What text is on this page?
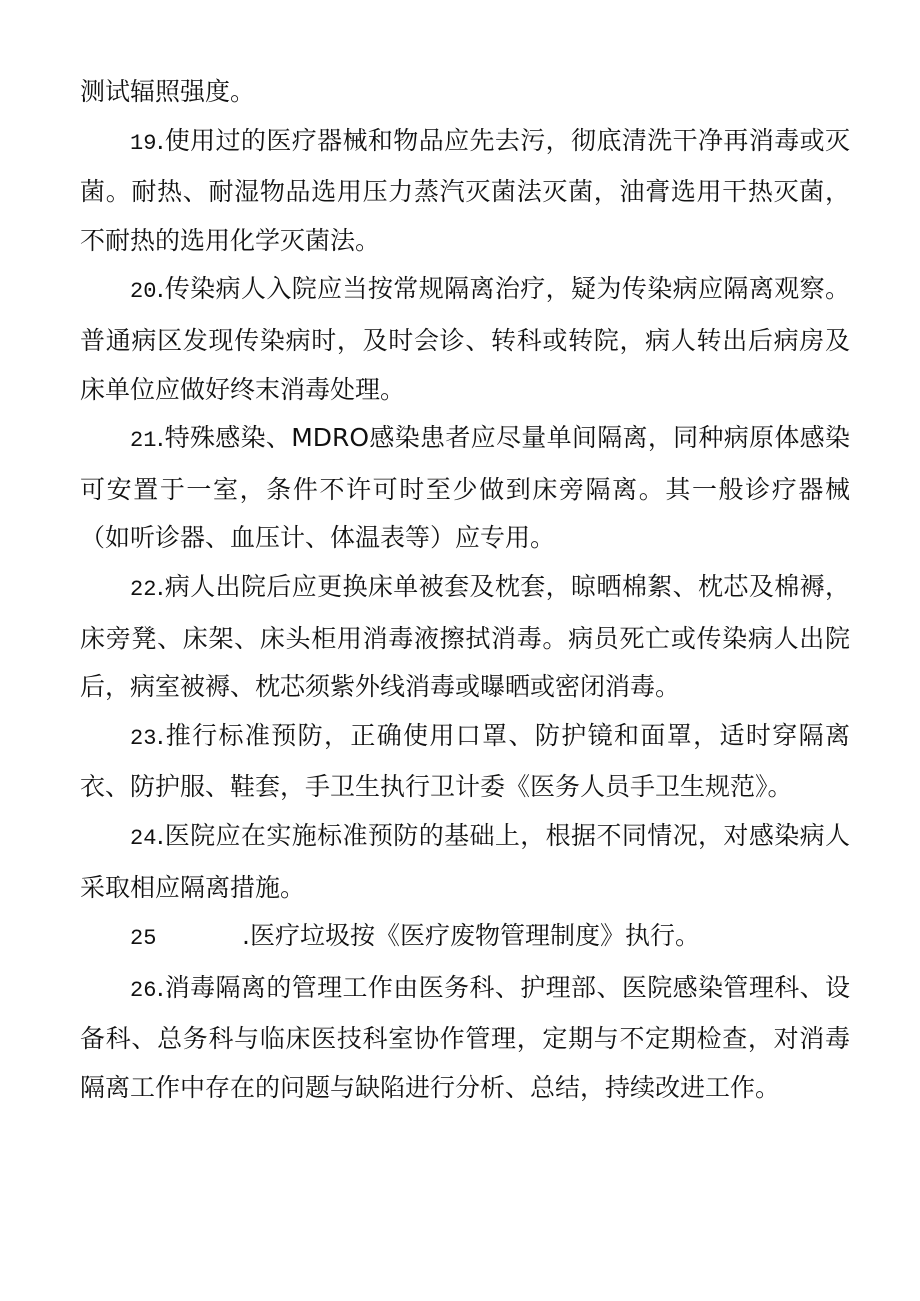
测试辐照强度。

19.使用过的医疗器械和物品应先去污，彻底清洗干净再消毒或灭菌。耐热、耐湿物品选用压力蒸汽灭菌法灭菌，油膏选用干热灭菌，不耐热的选用化学灭菌法。

20.传染病人入院应当按常规隔离治疗，疑为传染病应隔离观察。普通病区发现传染病时，及时会诊、转科或转院，病人转出后病房及床单位应做好终末消毒处理。

21.特殊感染、MDRO感染患者应尽量单间隔离，同种病原体感染可安置于一室，条件不许可时至少做到床旁隔离。其一般诊疗器械（如听诊器、血压计、体温表等）应专用。

22.病人出院后应更换床单被套及枕套，晾晒棉絮、枕芯及棉褥，床旁凳、床架、床头柜用消毒液擦拭消毒。病员死亡或传染病人出院后，病室被褥、枕芯须紫外线消毒或曝晒或密闭消毒。

23.推行标准预防，正确使用口罩、防护镜和面罩，适时穿隔离衣、防护服、鞋套，手卫生执行卫计委《医务人员手卫生规范》。

24.医院应在实施标准预防的基础上，根据不同情况，对感染病人采取相应隔离措施。

25	.医疗垃圾按《医疗废物管理制度》执行。

26.消毒隔离的管理工作由医务科、护理部、医院感染管理科、设备科、总务科与临床医技科室协作管理，定期与不定期检查，对消毒隔离工作中存在的问题与缺陷进行分析、总结，持续改进工作。
